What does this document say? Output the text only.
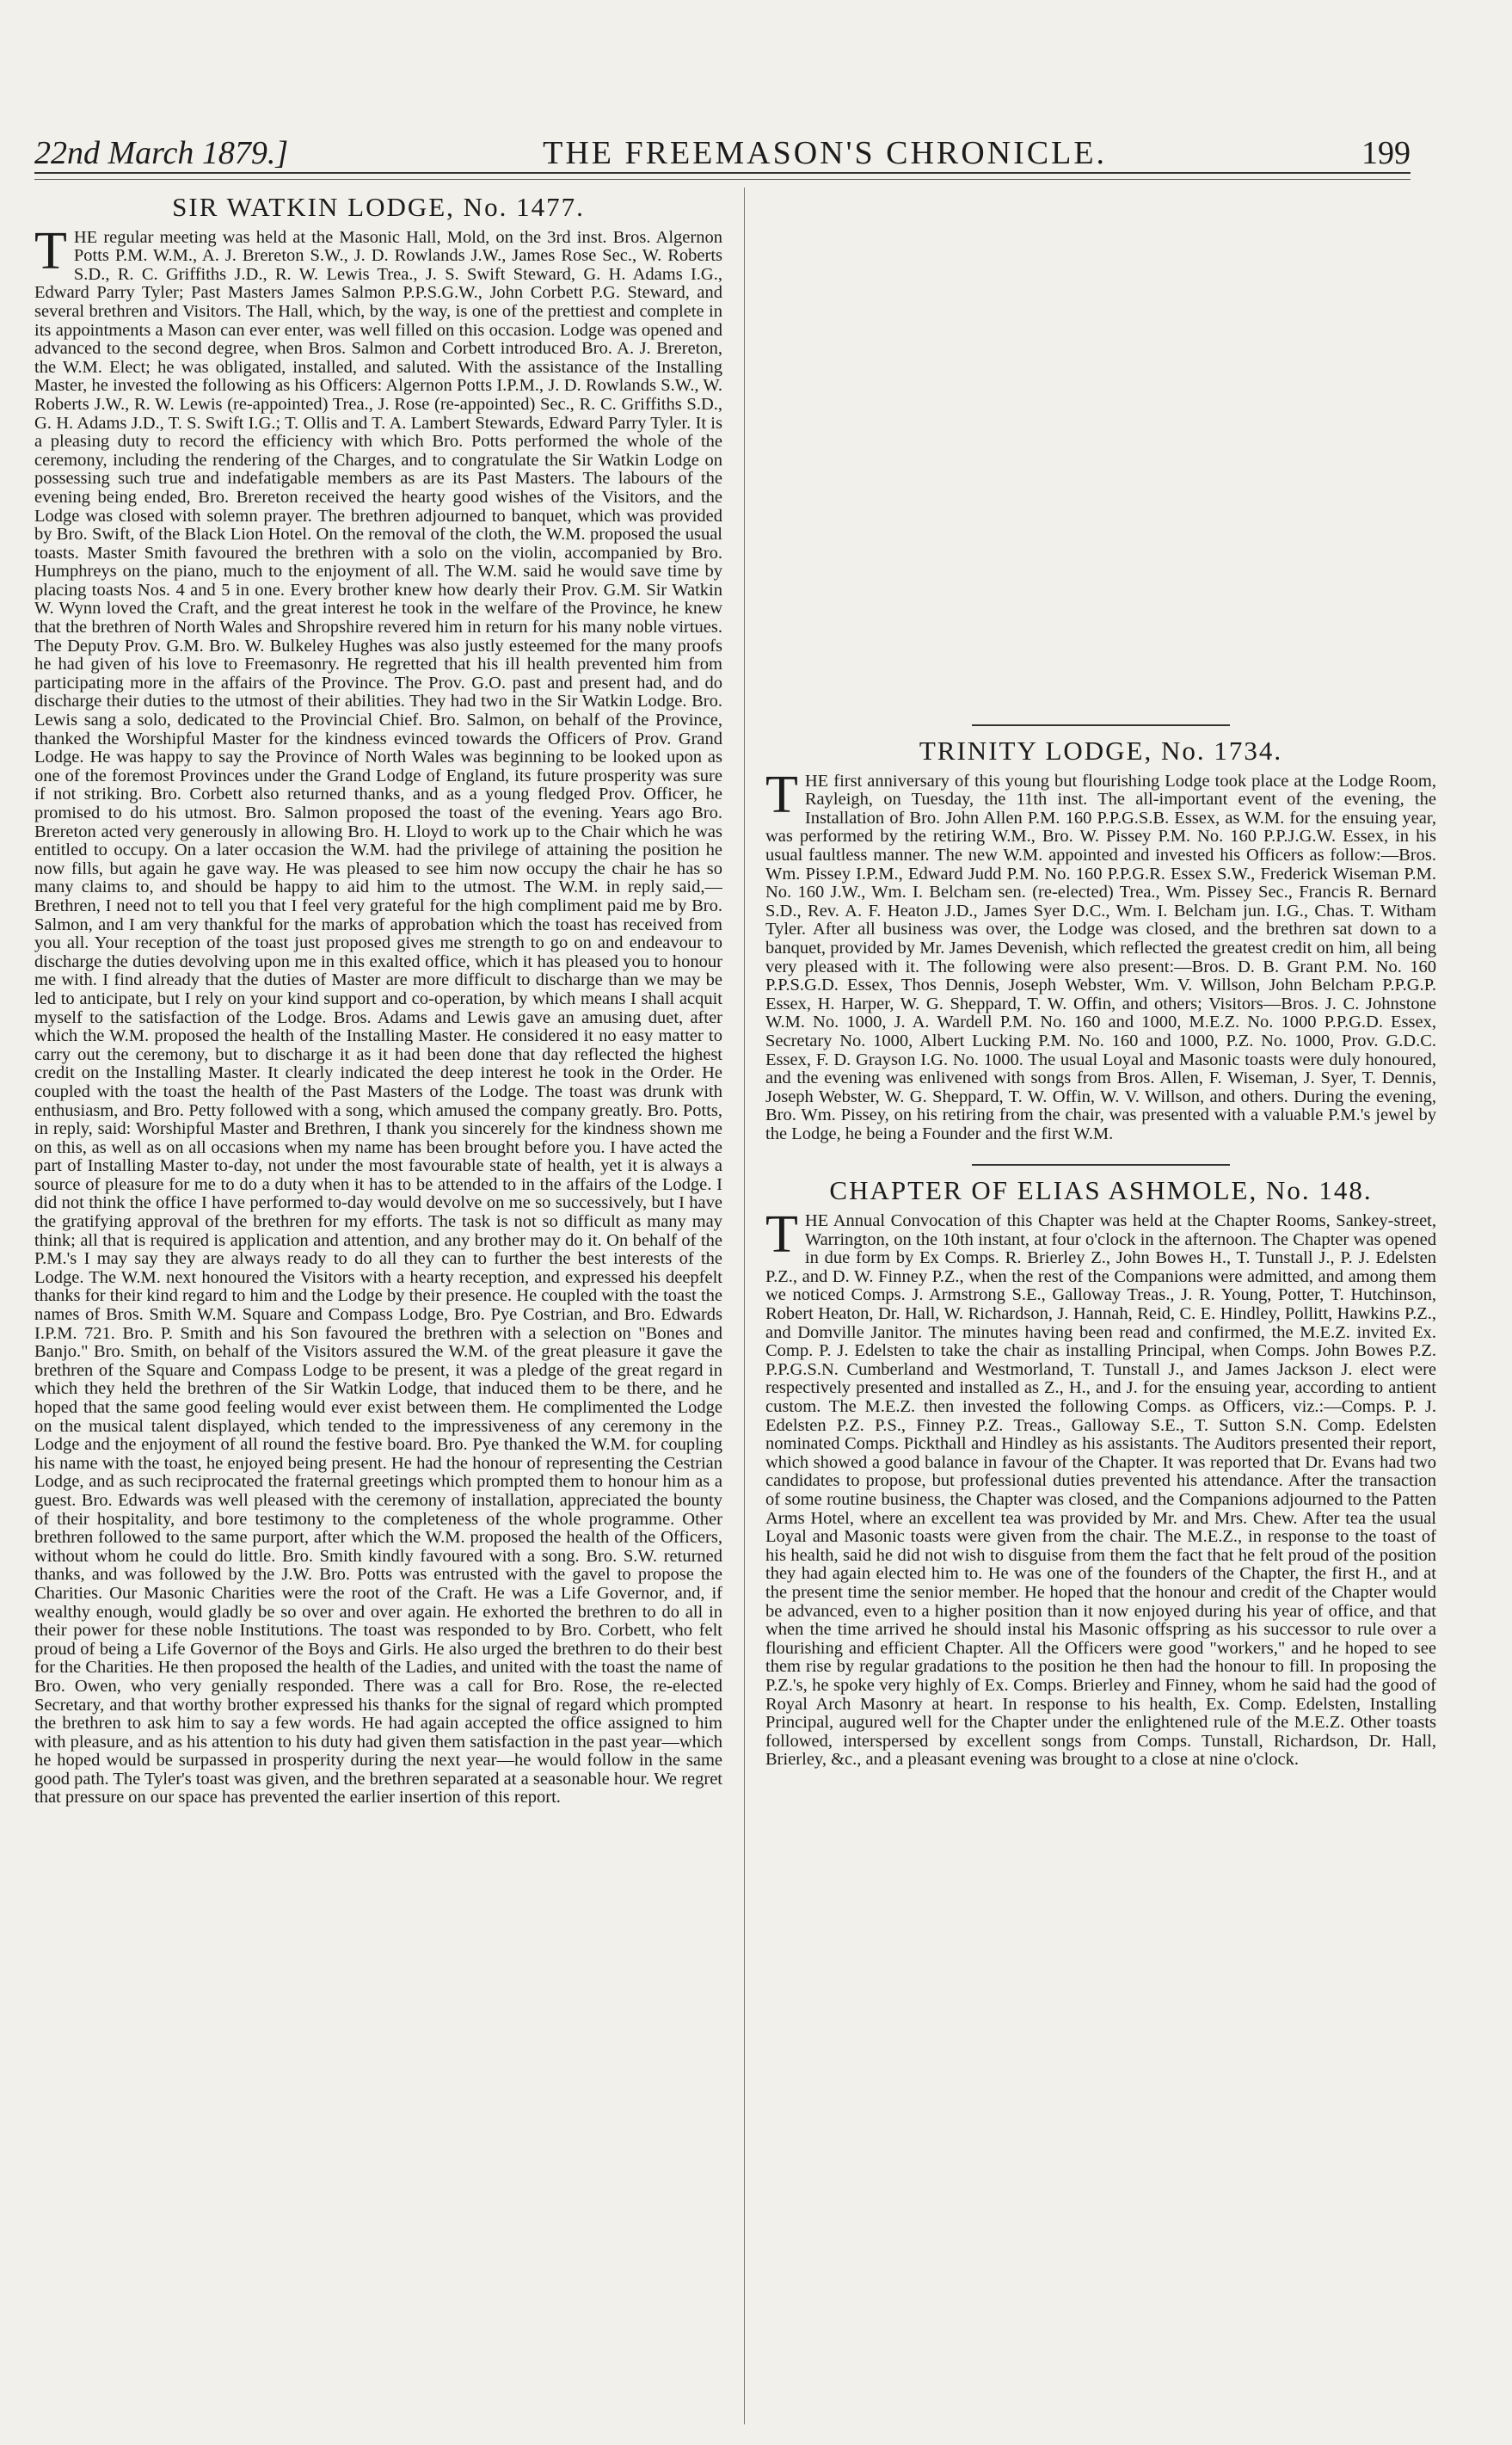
22nd March 1879.]	THE FREEMASON'S CHRONICLE.	199
SIR WATKIN LODGE, No. 1477.

THE regular meeting was held at the Masonic Hall, Mold, on the 3rd inst. Bros. Algernon Potts P.M. W.M., A. J. Brereton S.W., J. D. Rowlands J.W., James Rose Sec., W. Roberts S.D., R. C. Griffiths J.D., R. W. Lewis Trea., J. S. Swift Steward, G. H. Adams I.G., Edward Parry Tyler; Past Masters James Salmon P.P.S.G.W., John Corbett P.G. Steward, and several brethren and Visitors. The Hall, which, by the way, is one of the prettiest and complete in its appointments a Mason can ever enter, was well filled on this occasion. Lodge was opened and advanced to the second degree, when Bros. Salmon and Corbett introduced Bro. A. J. Brereton, the W.M. Elect; he was obligated, installed, and saluted. With the assistance of the Installing Master, he invested the following as his Officers: Algernon Potts I.P.M., J. D. Rowlands S.W., W. Roberts J.W., R. W. Lewis (re-appointed) Trea., J. Rose (re-appointed) Sec., R. C. Griffiths S.D., G. H. Adams J.D., T. S. Swift I.G.; T. Ollis and T. A. Lambert Stewards, Edward Parry Tyler. It is a pleasing duty to record the efficiency with which Bro. Potts performed the whole of the ceremony, including the rendering of the Charges, and to congratulate the Sir Watkin Lodge on possessing such true and indefatigable members as are its Past Masters. The labours of the evening being ended, Bro. Brereton received the hearty good wishes of the Visitors, and the Lodge was closed with solemn prayer. The brethren adjourned to banquet, which was provided by Bro. Swift, of the Black Lion Hotel. On the removal of the cloth, the W.M. proposed the usual toasts. Master Smith favoured the brethren with a solo on the violin, accompanied by Bro. Humphreys on the piano, much to the enjoyment of all. The W.M. said he would save time by placing toasts Nos. 4 and 5 in one. Every brother knew how dearly their Prov. G.M. Sir Watkin W. Wynn loved the Craft, and the great interest he took in the welfare of the Province, he knew that the brethren of North Wales and Shropshire revered him in return for his many noble virtues. The Deputy Prov. G.M. Bro. W. Bulkeley Hughes was also justly esteemed for the many proofs he had given of his love to Freemasonry. He regretted that his ill health prevented him from participating more in the affairs of the Province. The Prov. G.O. past and present had, and do discharge their duties to the utmost of their abilities. They had two in the Sir Watkin Lodge. Bro. Lewis sang a solo, dedicated to the Provincial Chief. Bro. Salmon, on behalf of the Province, thanked the Worshipful Master for the kindness evinced towards the Officers of Prov. Grand Lodge. He was happy to say the Province of North Wales was beginning to be looked upon as one of the foremost Provinces under the Grand Lodge of England, its future prosperity was sure if not striking. Bro. Corbett also returned thanks, and as a young fledged Prov. Officer, he promised to do his utmost. Bro. Salmon proposed the toast of the evening. Years ago Bro. Brereton acted very generously in allowing Bro. H. Lloyd to work up to the Chair which he was entitled to occupy. On a later occasion the W.M. had the privilege of attaining the position he now fills, but again he gave way. He was pleased to see him now occupy the chair he has so many claims to, and should be happy to aid him to the utmost. The W.M. in reply said,—Brethren, I need not to tell you that I feel very grateful for the high compliment paid me by Bro. Salmon, and I am very thankful for the marks of approbation which the toast has received from you all. Your reception of the toast just proposed gives me strength to go on and endeavour to discharge the duties devolving upon me in this exalted office, which it has pleased you to honour me with. I find already that the duties of Master are more difficult to discharge than we may be led to anticipate, but I rely on your kind support and co-operation, by which means I shall acquit myself to the satisfaction of the Lodge. Bros. Adams and Lewis gave an amusing duet, after which the W.M. proposed the health of the Installing Master. He considered it no easy matter to carry out the ceremony, but to discharge it as it had been done that day reflected the highest credit on the Installing Master. It clearly indicated the deep interest he took in the Order. He coupled with the toast the health of the Past Masters of the Lodge. The toast was drunk with enthusiasm, and Bro. Petty followed with a song, which amused the company greatly. Bro. Potts, in reply, said: Worshipful Master and Brethren, I thank you sincerely for the kindness shown me on this, as well as on all occasions when my name has been brought before you. I have acted the part of Installing Master to-day, not under the most favourable state of health, yet it is always a source of pleasure for me to do a duty when it has to be attended to in the affairs of the Lodge. I did not think the office I have performed to-day would devolve on me so successively, but I have the gratifying approval of the brethren for my efforts. The task is not so difficult as many may think; all that is required is application and attention, and any brother may do it. On behalf of the P.M.'s I may say they are always ready to do all they can to further the best interests of the Lodge. The W.M. next honoured the Visitors with a hearty reception, and expressed his deepfelt thanks for their kind regard to him and the Lodge by their presence. He coupled with the toast the names of Bros. Smith W.M. Square and Compass Lodge, Bro. Pye Costrian, and Bro. Edwards I.P.M. 721. Bro. P. Smith and his Son favoured the brethren with a selection on "Bones and Banjo." Bro. Smith, on behalf of the Visitors assured the W.M. of the great pleasure it gave the brethren of the Square and Compass Lodge to be present, it was a pledge of the great regard in which they held the brethren of the Sir Watkin Lodge, that induced them to be there, and he hoped that the same good feeling would ever exist between them. He complimented the Lodge on the musical talent displayed, which tended to the impressiveness of any ceremony in the Lodge and the enjoyment of all round the festive board. Bro. Pye thanked the W.M. for coupling his name with the toast, he enjoyed being present. He had the honour of representing the Cestrian Lodge, and as such reciprocated the fraternal greetings which prompted them to honour him as a guest. Bro. Edwards was well pleased with the ceremony of installation, appreciated the bounty of their hospitality, and bore testimony to the completeness of the whole programme. Other brethren followed to the same purport, after which the W.M. proposed the health of the Officers, without whom he could do little. Bro. Smith kindly favoured with a song. Bro. S.W. returned thanks, and was followed by the J.W. Bro. Potts was entrusted with the gavel to propose the Charities. Our Masonic Charities were the root of the Craft. He was a Life Governor, and, if wealthy enough, would gladly be so over and over again. He exhorted the brethren to do all in their power for these noble Institutions. The toast was responded to by Bro. Corbett, who felt proud of being a Life Governor of the Boys and Girls. He also urged the brethren to do their best for the Charities. He then proposed the health of the Ladies, and united with the toast the name of Bro. Owen, who very genially responded. There was a call for Bro. Rose, the re-elected Secretary, and that worthy brother expressed his thanks for the signal of regard which prompted the brethren to ask him to say a few words. He had again accepted the office assigned to him with pleasure, and as his attention to his duty had given them satisfaction in the past year—which he hoped would be surpassed in prosperity during the next year—he would follow in the same good path. The Tyler's toast was given, and the brethren separated at a seasonable hour. We regret that pressure on our space has prevented the earlier insertion of this report.

TRINITY LODGE, No. 1734.

THE first anniversary of this young but flourishing Lodge took place at the Lodge Room, Rayleigh, on Tuesday, the 11th inst. The all-important event of the evening, the Installation of Bro. John Allen P.M. 160 P.P.G.S.B. Essex, as W.M. for the ensuing year, was performed by the retiring W.M., Bro. W. Pissey P.M. No. 160 P.P.J.G.W. Essex, in his usual faultless manner. The new W.M. appointed and invested his Officers as follow:—Bros. Wm. Pissey I.P.M., Edward Judd P.M. No. 160 P.P.G.R. Essex S.W., Frederick Wiseman P.M. No. 160 J.W., Wm. I. Belcham sen. (re-elected) Trea., Wm. Pissey Sec., Francis R. Bernard S.D., Rev. A. F. Heaton J.D., James Syer D.C., Wm. I. Belcham jun. I.G., Chas. T. Witham Tyler. After all business was over, the Lodge was closed, and the brethren sat down to a banquet, provided by Mr. James Devenish, which reflected the greatest credit on him, all being very pleased with it. The following were also present:—Bros. D. B. Grant P.M. No. 160 P.P.S.G.D. Essex, Thos Dennis, Joseph Webster, Wm. V. Willson, John Belcham P.P.G.P. Essex, H. Harper, W. G. Sheppard, T. W. Offin, and others; Visitors—Bros. J. C. Johnstone W.M. No. 1000, J. A. Wardell P.M. No. 160 and 1000, M.E.Z. No. 1000 P.P.G.D. Essex, Secretary No. 1000, Albert Lucking P.M. No. 160 and 1000, P.Z. No. 1000, Prov. G.D.C. Essex, F. D. Grayson I.G. No. 1000. The usual Loyal and Masonic toasts were duly honoured, and the evening was enlivened with songs from Bros. Allen, F. Wiseman, J. Syer, T. Dennis, Joseph Webster, W. G. Sheppard, T. W. Offin, W. V. Willson, and others. During the evening, Bro. Wm. Pissey, on his retiring from the chair, was presented with a valuable P.M.'s jewel by the Lodge, he being a Founder and the first W.M.

CHAPTER OF ELIAS ASHMOLE, No. 148.

THE Annual Convocation of this Chapter was held at the Chapter Rooms, Sankey-street, Warrington, on the 10th instant, at four o'clock in the afternoon. The Chapter was opened in due form by Ex Comps. R. Brierley Z., John Bowes H., T. Tunstall J., P. J. Edelsten P.Z., and D. W. Finney P.Z., when the rest of the Companions were admitted, and among them we noticed Comps. J. Armstrong S.E., Galloway Treas., J. R. Young, Potter, T. Hutchinson, Robert Heaton, Dr. Hall, W. Richardson, J. Hannah, Reid, C. E. Hindley, Pollitt, Hawkins P.Z., and Domville Janitor. The minutes having been read and confirmed, the M.E.Z. invited Ex. Comp. P. J. Edelsten to take the chair as installing Principal, when Comps. John Bowes P.Z. P.P.G.S.N. Cumberland and Westmorland, T. Tunstall J., and James Jackson J. elect were respectively presented and installed as Z., H., and J. for the ensuing year, according to antient custom. The M.E.Z. then invested the following Comps. as Officers, viz.:—Comps. P. J. Edelsten P.Z. P.S., Finney P.Z. Treas., Galloway S.E., T. Sutton S.N. Comp. Edelsten nominated Comps. Pickthall and Hindley as his assistants. The Auditors presented their report, which showed a good balance in favour of the Chapter. It was reported that Dr. Evans had two candidates to propose, but professional duties prevented his attendance. After the transaction of some routine business, the Chapter was closed, and the Companions adjourned to the Patten Arms Hotel, where an excellent tea was provided by Mr. and Mrs. Chew. After tea the usual Loyal and Masonic toasts were given from the chair. The M.E.Z., in response to the toast of his health, said he did not wish to disguise from them the fact that he felt proud of the position they had again elected him to. He was one of the founders of the Chapter, the first H., and at the present time the senior member. He hoped that the honour and credit of the Chapter would be advanced, even to a higher position than it now enjoyed during his year of office, and that when the time arrived he should instal his Masonic offspring as his successor to rule over a flourishing and efficient Chapter. All the Officers were good "workers," and he hoped to see them rise by regular gradations to the position he then had the honour to fill. In proposing the P.Z.'s, he spoke very highly of Ex. Comps. Brierley and Finney, whom he said had the good of Royal Arch Masonry at heart. In response to his health, Ex. Comp. Edelsten, Installing Principal, augured well for the Chapter under the enlightened rule of the M.E.Z. Other toasts followed, interspersed by excellent songs from Comps. Tunstall, Richardson, Dr. Hall, Brierley, &c., and a pleasant evening was brought to a close at nine o'clock.
